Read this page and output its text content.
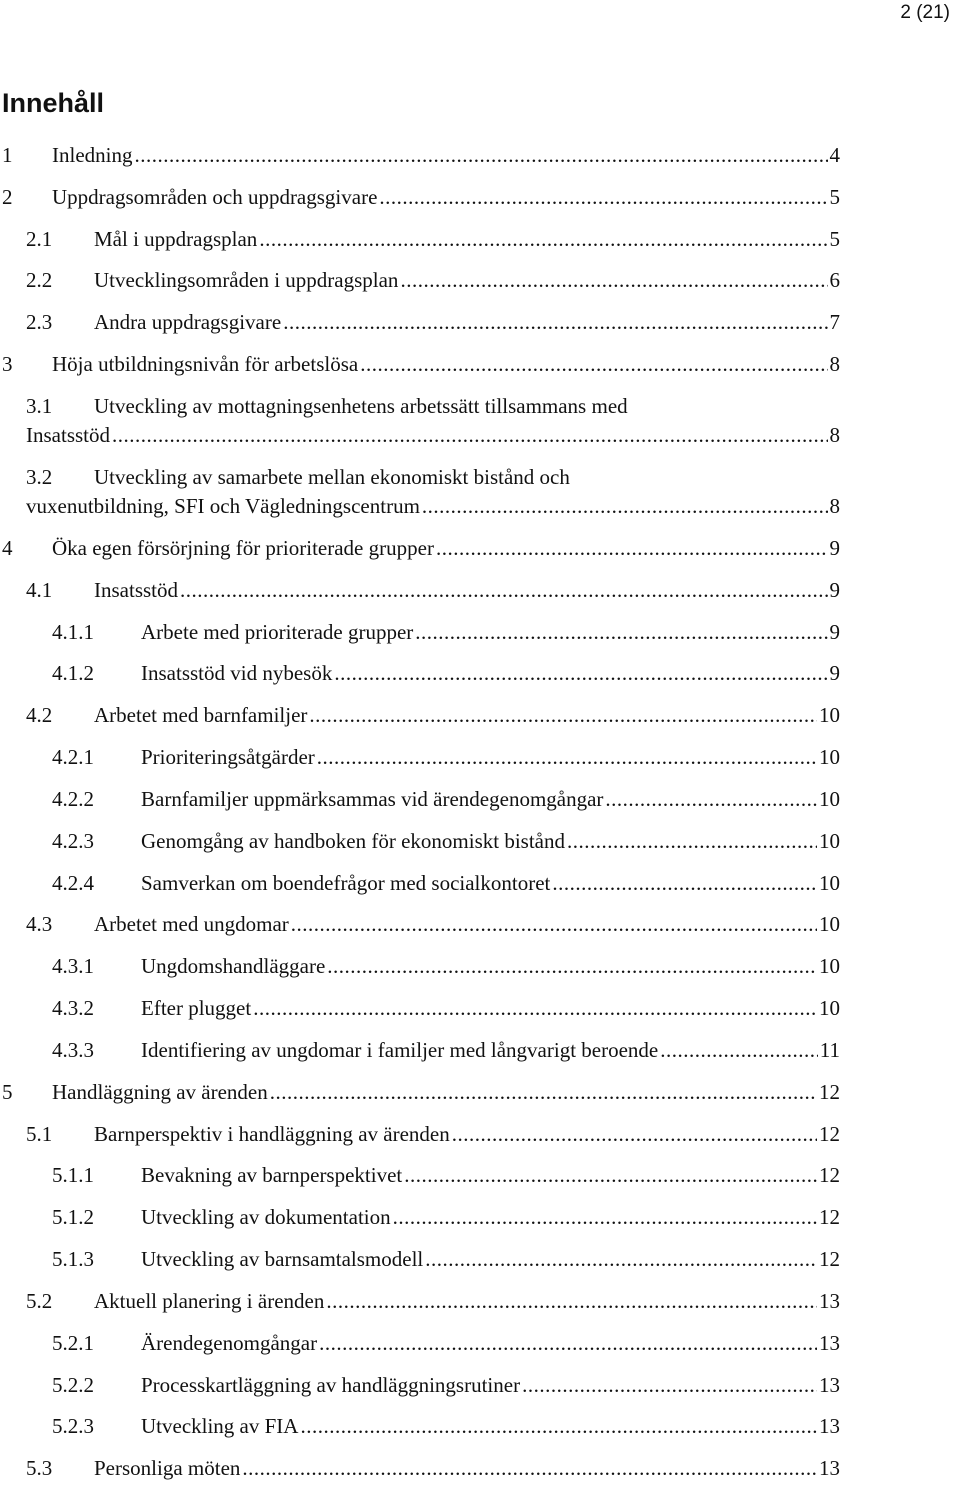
2 (21)
Innehåll
1 Inledning .....	4
2 Uppdragsområden och uppdragsgivare .....	5
2.1 Mål i uppdragsplan .....	5
2.2 Utvecklingsområden i uppdragsplan .....	6
2.3 Andra uppdragsgivare .....	7
3 Höja utbildningsnivån för arbetslösa .....	8
3.1 Utveckling av mottagningsenhetens arbetssätt tillsammans med
Insatsstöd .....	8
3.2 Utveckling av samarbete mellan ekonomiskt bistånd och
vuxenutbildning, SFI och Vägledningscentrum .....	8
4 Öka egen försörjning för prioriterade grupper .....	9
4.1 Insatsstöd .....	9
4.1.1 Arbete med prioriterade grupper .....	9
4.1.2 Insatsstöd vid nybesök .....	9
4.2 Arbetet med barnfamiljer .....	10
4.2.1 Prioriteringsåtgärder .....	10
4.2.2 Barnfamiljer uppmärksammas vid ärendegenomgångar .....	10
4.2.3 Genomgång av handboken för ekonomiskt bistånd .....	10
4.2.4 Samverkan om boendefrågor med socialkontoret .....	10
4.3 Arbetet med ungdomar .....	10
4.3.1 Ungdomshandläggare .....	10
4.3.2 Efter plugget .....	10
4.3.3 Identifiering av ungdomar i familjer med långvarigt beroende .....	11
5 Handläggning av ärenden .....	12
5.1 Barnperspektiv i handläggning av ärenden .....	12
5.1.1 Bevakning av barnperspektivet .....	12
5.1.2 Utveckling av dokumentation .....	12
5.1.3 Utveckling av barnsamtalsmodell .....	12
5.2 Aktuell planering i ärenden .....	13
5.2.1 Ärendegenomgångar .....	13
5.2.2 Processkartläggning av handläggningsrutiner .....	13
5.2.3 Utveckling av FIA .....	13
5.3 Personliga möten .....	13
